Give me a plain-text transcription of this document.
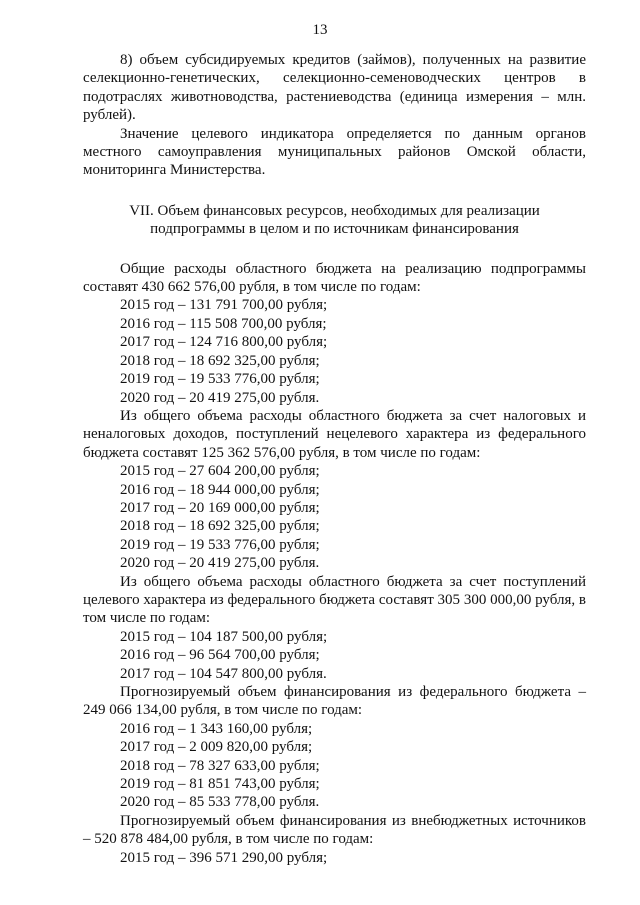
13

8) объем субсидируемых кредитов (займов), полученных на развитие селекционно-генетических, селекционно-семеноводческих центров в подотраслях животноводства, растениеводства (единица измерения – млн. рублей).

Значение целевого индикатора определяется по данным органов местного самоуправления муниципальных районов Омской области, мониторинга Министерства.

VII. Объем финансовых ресурсов, необходимых для реализации
подпрограммы в целом и по источникам финансирования

Общие расходы областного бюджета на реализацию подпрограммы составят 430 662 576,00 рубля, в том числе по годам:

2015 год – 131 791 700,00 рубля;
2016 год – 115 508 700,00 рубля;
2017 год – 124 716 800,00 рубля;
2018 год – 18 692 325,00 рубля;
2019 год – 19 533 776,00 рубля;
2020 год – 20 419 275,00 рубля.

Из общего объема расходы областного бюджета за счет налоговых и неналоговых доходов, поступлений нецелевого характера из федерального бюджета составят 125 362 576,00 рубля, в том числе по годам:

2015 год – 27 604 200,00 рубля;
2016 год – 18 944 000,00 рубля;
2017 год – 20 169 000,00 рубля;
2018 год – 18 692 325,00 рубля;
2019 год – 19 533 776,00 рубля;
2020 год – 20 419 275,00 рубля.

Из общего объема расходы областного бюджета за счет поступлений целевого характера из федерального бюджета составят 305 300 000,00 рубля, в том числе по годам:

2015 год – 104 187 500,00 рубля;
2016 год – 96 564 700,00 рубля;
2017 год – 104 547 800,00 рубля.

Прогнозируемый объем финансирования из федерального бюджета – 249 066 134,00 рубля, в том числе по годам:

2016 год – 1 343 160,00 рубля;
2017 год – 2 009 820,00 рубля;
2018 год – 78 327 633,00 рубля;
2019 год – 81 851 743,00 рубля;
2020 год – 85 533 778,00 рубля.

Прогнозируемый объем финансирования из внебюджетных источников – 520 878 484,00 рубля, в том числе по годам:

2015 год – 396 571 290,00 рубля;
